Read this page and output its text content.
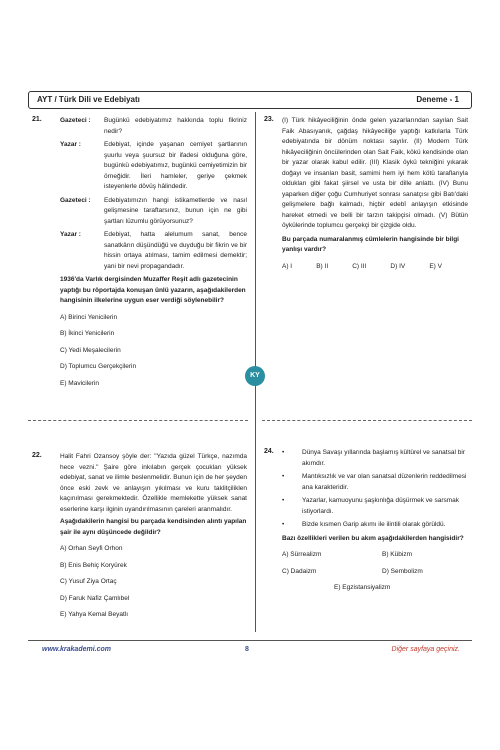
AYT / Türk Dili ve Edebiyatı	Deneme - 1
KY
21.	Gazeteci :	Bugünkü edebiyatımız hakkında toplu fikriniz nedir?
Yazar :	Edebiyat, içinde yaşanan cemiyet şartlarının şuurlu veya şuursuz bir ifadesi olduğuna göre, bugünkü edebiyatımız, bugünkü cemiyetimizin bir örneğidir. İleri hamleler, geriye çekmek isteyenlerle dövüş hâlindedir.
Gazeteci :	Edebiyatımızın hangi istikametlerde ve nasıl gelişmesine taraftarsınız, bunun için ne gibi şartları lüzumlu görüyorsunuz?
Yazar :	Edebiyat, hatta alelumum sanat, bence sanatkârın düşündüğü ve duyduğu bir fikrin ve bir hissin ortaya atılması, tamim edilmesi demektir; yani bir nevi propagandadır.
1936'da Varlık dergisinden Muzaffer Reşit adlı gazetecinin yaptığı bu röportajda konuşan ünlü yazarın, aşağıdakilerden hangisinin ilkelerine uygun eser verdiği söylenebilir?
A) Birinci Yenicilerin
B) İkinci Yenicilerin
C) Yedi Meşalecilerin
D) Toplumcu Gerçekçilerin
E) Mavicilerin
22.	Halit Fahri Ozansoy şöyle der: "Yazıda güzel Türkçe, nazımda hece vezni." Şaire göre inkılabın gerçek çocukları yüksek edebiyat, sanat ve ilimle beslenmelidir. Bunun için de her şeyden önce eski zevk ve anlayışın yıkılması ve kuru taklitçiliklen kaçınılması gerekmektedir. Özellikle memlekette yüksek sanat eserlerine karşı ilginin uyandırılmasının çareleri aranmalıdır.
Aşağıdakilerin hangisi bu parçada kendisinden alıntı yapılan şair ile aynı düşüncede değildir?
A) Orhan Seyfi Orhon
B) Enis Behiç Koryürek
C) Yusuf Ziya Ortaç
D) Faruk Nafiz Çamlıbel
E) Yahya Kemal Beyatlı
23. (I) Türk hikâyeciliğinin önde gelen yazarlarından sayılan Sait Faik Abasıyanık, çağdaş hikâyeciliğe yaptığı katkılarla Türk edebiyatında bir dönüm noktası sayılır. (II) Modern Türk hikâyeciliğinin öncülerinden olan Sait Faik, kökü kendisinde olan bir yazar olarak kabul edilir. (III) Klasik öykü tekniğini yıkarak doğayı ve insanları basit, samimi hem iyi hem kötü taraflarıyla oldukları gibi fakat şiirsel ve usta bir dille anlattı. (IV) Bunu yaparken diğer çoğu Cumhuriyet sonrası sanatçısı gibi Batı'daki gelişmelere bağlı kalmadı, hiçbir edebî anlayışın etkisinde hareket etmedi ve belli bir tarzın takipçisi olmadı. (V) Bütün öykülerinde toplumcu gerçekçi bir çizgide oldu.
Bu parçada numaralanmış cümlelerin hangisinde bir bilgi yanlışı vardır?
A) I	B) II	C) III	D) IV	E) V
24. •	Dünya Savaşı yıllarında başlamış kültürel ve sanatsal bir akımdır.
•	Mantıksızlık ve var olan sanatsal düzenlerin reddedilmesi ana karakteridir.
•	Yazarlar, kamuoyunu şaşkınlığa düşürmek ve sarsmak istiyorlardı.
•	Bizde kısmen Garip akımı ile ilintili olarak görüldü.
Bazı özellikleri verilen bu akım aşağıdakilerden hangisidir?
A) Sürrealizm	B) Kübizm
C) Dadaizm	D) Sembolizm
E) Egzistansiyalizm
www.krakademi.com	8	Diğer sayfaya geçiniz.
